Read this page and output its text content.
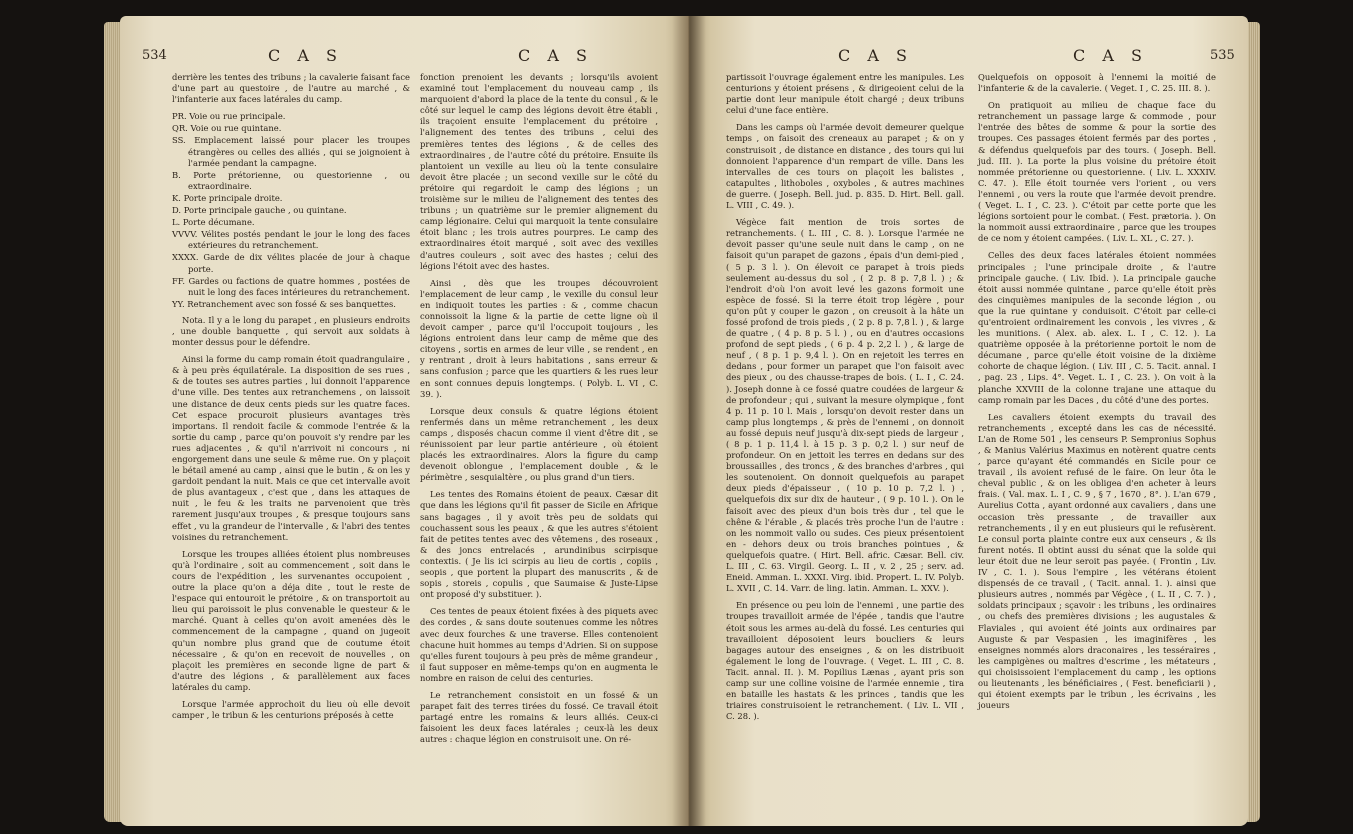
534	C A S	C A S

derrière les tentes des tribuns ; la cavalerie faisant face d'une part au questoire , de l'autre au marché , & l'infanterie aux faces latérales du camp.

PR. Voie ou rue principale.

QR. Voie ou rue quintane.

SS. Emplacement laissé pour placer les troupes étrangères ou celles des alliés , qui se joignoient à l'armée pendant la campagne.

B. Porte prétorienne, ou questorienne , ou extraordinaire.

K. Porte principale droite.

D. Porte principale gauche , ou quintane.

L. Porte décumane.

VVVV. Vélites postés pendant le jour le long des faces extérieures du retranchement.

XXXX. Garde de dix vélites placée de jour à chaque porte.

FF. Gardes ou factions de quatre hommes , postées de nuit le long des faces intérieures du retranchement.

YY. Retranchement avec son fossé & ses banquettes.

Nota. Il y a le long du parapet , en plusieurs endroits , une double banquette , qui servoit aux soldats à monter dessus pour le défendre.

Ainsi la forme du camp romain étoit quadrangulaire , & à peu près équilatérale. La disposition de ses rues , & de toutes ses autres parties , lui donnoit l'apparence d'une ville. Des tentes aux retranchemens , on laissoit une distance de deux cents pieds sur les quatre faces. Cet espace procuroit plusieurs avantages très importans. Il rendoit facile & commode l'entrée & la sortie du camp , parce qu'on pouvoit s'y rendre par les rues adjacentes , & qu'il n'arrivoit ni concours , ni engorgement dans une seule & même rue. On y plaçoit le bétail amené au camp , ainsi que le butin , & on les y gardoit pendant la nuit. Mais ce que cet intervalle avoit de plus avantageux , c'est que , dans les attaques de nuit , le feu & les traits ne parvenoient que très rarement jusqu'aux troupes , & presque toujours sans effet , vu la grandeur de l'intervalle , & l'abri des tentes voisines du retranchement.

Lorsque les troupes alliées étoient plus nombreuses qu'à l'ordinaire , soit au commencement , soit dans le cours de l'expédition , les survenantes occupoient , outre la place qu'on a déja dite , tout le reste de l'espace qui entouroit le prétoire , & on transportoit au lieu qui paroissoit le plus convenable le questeur & le marché. Quant à celles qu'on avoit amenées dès le commencement de la campagne , quand on jugeoit qu'un nombre plus grand que de coutume étoit nécessaire , & qu'on en recevoit de nouvelles , on plaçoit les premières en seconde ligne de part & d'autre des légions , & parallèlement aux faces latérales du camp.

Lorsque l'armée approchoit du lieu où elle devoit camper , le tribun & les centurions préposés à cette

fonction prenoient les devants ; lorsqu'ils avoient examiné tout l'emplacement du nouveau camp , ils marquoient d'abord la place de la tente du consul , & le côté sur lequel le camp des légions devoit être établi , ils traçoient ensuite l'emplacement du prétoire , l'alignement des tentes des tribuns , celui des premières tentes des légions , & de celles des extraordinaires , de l'autre côté du prétoire. Ensuite ils plantoient un vexille au lieu où la tente consulaire devoit être placée ; un second vexille sur le côté du prétoire qui regardoit le camp des légions ; un troisième sur le milieu de l'alignement des tentes des tribuns ; un quatrième sur le premier alignement du camp légionaire. Celui qui marquoit la tente consulaire étoit blanc ; les trois autres pourpres. Le camp des extraordinaires étoit marqué , soit avec des vexilles d'autres couleurs , soit avec des hastes ; celui des légions l'étoit avec des hastes.

Ainsi , dès que les troupes découvroient l'emplacement de leur camp , le vexille du consul leur en indiquoit toutes les parties : & , comme chacun connoissoit la ligne & la partie de cette ligne où il devoit camper , parce qu'il l'occupoit toujours , les légions entroient dans leur camp de même que des citoyens , sortis en armes de leur ville , se rendent , en y rentrant , droit à leurs habitations , sans erreur & sans confusion ; parce que les quartiers & les rues leur en sont connues depuis longtemps. ( Polyb. L. VI , C. 39. ).

Lorsque deux consuls & quatre légions étoient renfermés dans un même retranchement , les deux camps , disposés chacun comme il vient d'être dit , se réunissoient par leur partie antérieure , où étoient placés les extraordinaires. Alors la figure du camp devenoit oblongue , l'emplacement double , & le périmètre , sesquialtère , ou plus grand d'un tiers.

Les tentes des Romains étoient de peaux. Cæsar dit que dans les légions qu'il fit passer de Sicile en Afrique sans bagages , il y avoit très peu de soldats qui couchassent sous les peaux , & que les autres s'étoient fait de petites tentes avec des vêtemens , des roseaux , & des joncs entrelacés , arundinibus scirpisque contextis. ( Je lis ici scirpis au lieu de cortis , copiis , seopis , que portent la plupart des manuscrits , & de sopis , storeis , copulis , que Saumaise & Juste-Lipse ont proposé d'y substituer. ).

Ces tentes de peaux étoient fixées à des piquets avec des cordes , & sans doute soutenues comme les nôtres avec deux fourches & une traverse. Elles contenoient chacune huit hommes au temps d'Adrien. Si on suppose qu'elles furent toujours à peu près de même grandeur , il faut supposer en même-temps qu'on en augmenta le nombre en raison de celui des centuries.

Le retranchement consistoit en un fossé & un parapet fait des terres tirées du fossé. Ce travail étoit partagé entre les romains & leurs alliés. Ceux-ci faisoient les deux faces latérales ; ceux-là les deux autres : chaque légion en construisoit une. On ré-

C A S	C A S	535

partissoit l'ouvrage également entre les manipules. Les centurions y étoient présens , & dirigeoient celui de la partie dont leur manipule étoit chargé ; deux tribuns celui d'une face entière.

Dans les camps où l'armée devoit demeurer quelque temps , on faisoit des creneaux au parapet ; & on y construisoit , de distance en distance , des tours qui lui donnoient l'apparence d'un rempart de ville. Dans les intervalles de ces tours on plaçoit les balistes , catapultes , lithoboles , oxyboles , & autres machines de guerre. ( Joseph. Bell. jud. p. 835. D. Hirt. Bell. gall. L. VIII , C. 49. ).

Végèce fait mention de trois sortes de retranchements. ( L. III , C. 8. ). Lorsque l'armée ne devoit passer qu'une seule nuit dans le camp , on ne faisoit qu'un parapet de gazons , épais d'un demi-pied , ( 5 p. 3 l. ). On élevoit ce parapet à trois pieds seulement au-dessus du sol , ( 2 p. 8 p. 7,8 l. ) ; & l'endroit d'où l'on avoit levé les gazons formoit une espèce de fossé. Si la terre étoit trop légère , pour qu'on pût y couper le gazon , on creusoit à la hâte un fossé profond de trois pieds , ( 2 p. 8 p. 7,8 l. ) , & large de quatre , ( 4 p. 8 p. 5 l. ) , ou en d'autres occasions profond de sept pieds , ( 6 p. 4 p. 2,2 l. ) , & large de neuf , ( 8 p. 1 p. 9,4 l. ). On en rejetoit les terres en dedans , pour former un parapet que l'on faisoit avec des pieux , ou des chausse-trapes de bois. ( L. I , C. 24. ). Joseph donne à ce fossé quatre coudées de largeur & de profondeur ; qui , suivant la mesure olympique , font 4 p. 11 p. 10 l. Mais , lorsqu'on devoit rester dans un camp plus longtemps , & près de l'ennemi , on donnoit au fossé depuis neuf jusqu'à dix-sept pieds de largeur , ( 8 p. 1 p. 11,4 l. à 15 p. 3 p. 0,2 l. ) sur neuf de profondeur. On en jettoit les terres en dedans sur des broussailles , des troncs , & des branches d'arbres , qui les soutenoient. On donnoit quelquefois au parapet deux pieds d'épaisseur , ( 10 p. 10 p. 7,2 l. ) , quelquefois dix sur dix de hauteur , ( 9 p. 10 l. ). On le faisoit avec des pieux d'un bois très dur , tel que le chêne & l'érable , & placés très proche l'un de l'autre : on les nommoit vallo ou sudes. Ces pieux présentoient en - dehors deux ou trois branches pointues , & quelquefois quatre. ( Hirt. Bell. afric. Cæsar. Bell. civ. L. III , C. 63. Virgil. Georg. L. II , v. 2 , 25 ; serv. ad. Eneid. Amman. L. XXXI. Virg. ibid. Propert. L. IV. Polyb. L. XVII , C. 14. Varr. de ling. latin. Amman. L. XXV. ).

En présence ou peu loin de l'ennemi , une partie des troupes travailloit armée de l'épée , tandis que l'autre étoit sous les armes au-delà du fossé. Les centuries qui travailloient déposoient leurs boucliers & leurs bagages autour des enseignes , & on les distribuoit également le long de l'ouvrage. ( Veget. L. III , C. 8. Tacit. annal. II. ). M. Popilius Lænas , ayant pris son camp sur une colline voisine de l'armée ennemie , tira en bataille les hastats & les princes , tandis que les triaires construisoient le retranchement. ( Liv. L. VII , C. 28. ).

Quelquefois on opposoit à l'ennemi la moitié de l'infanterie & de la cavalerie. ( Veget. I , C. 25. III. 8. ).

On pratiquoit au milieu de chaque face du retranchement un passage large & commode , pour l'entrée des bêtes de somme & pour la sortie des troupes. Ces passages étoient fermés par des portes , & défendus quelquefois par des tours. ( Joseph. Bell. jud. III. ). La porte la plus voisine du prétoire étoit nommée prétorienne ou questorienne. ( Liv. L. XXXIV. C. 47. ). Elle étoit tournée vers l'orient , ou vers l'ennemi , ou vers la route que l'armée devoit prendre. ( Veget. L. I , C. 23. ). C'étoit par cette porte que les légions sortoient pour le combat. ( Fest. prætoria. ). On la nommoit aussi extraordinaire , parce que les troupes de ce nom y étoient campées. ( Liv. L. XL , C. 27. ).

Celles des deux faces latérales étoient nommées principales ; l'une principale droite , & l'autre principale gauche. ( Liv. Ibid. ). La principale gauche étoit aussi nommée quintane , parce qu'elle étoit près des cinquièmes manipules de la seconde légion , ou que la rue quintane y conduisoit. C'étoit par celle-ci qu'entroient ordinairement les convois , les vivres , & les munitions. ( Alex. ab. alex. L. I , C. 12. ). La quatrième opposée à la prétorienne portoit le nom de décumane , parce qu'elle étoit voisine de la dixième cohorte de chaque légion. ( Liv. III , C. 5. Tacit. annal. I , pag. 23 , Lips. 4°. Veget. L. I , C. 23. ). On voit à la planche XXVIII de la colonne trajane une attaque du camp romain par les Daces , du côté d'une des portes.

Les cavaliers étoient exempts du travail des retranchements , excepté dans les cas de nécessité. L'an de Rome 501 , les censeurs P. Sempronius Sophus , & Manius Valérius Maximus en notèrent quatre cents , parce qu'ayant été commandés en Sicile pour ce travail , ils avoient refusé de le faire. On leur ôta le cheval public , & on les obligea d'en acheter à leurs frais. ( Val. max. L. I , C. 9 , § 7 , 1670 , 8°. ). L'an 679 , Aurelius Cotta , ayant ordonné aux cavaliers , dans une occasion très pressante , de travailler aux retranchements , il y en eut plusieurs qui le refusèrent. Le consul porta plainte contre eux aux censeurs , & ils furent notés. Il obtint aussi du sénat que la solde qui leur étoit due ne leur seroit pas payée. ( Frontin , Liv. IV , C. 1. ). Sous l'empire , les vétérans étoient dispensés de ce travail , ( Tacit. annal. 1. ). ainsi que plusieurs autres , nommés par Végèce , ( L. II , C. 7. ) , soldats principaux ; sçavoir : les tribuns , les ordinaires , ou chefs des premières divisions ; les augustales & Flaviales , qui avoient été joints aux ordinaires par Auguste & par Vespasien , les imaginifères , les enseignes nommés alors draconaires , les tesséraires , les campigènes ou maîtres d'escrime , les métateurs , qui choisissoient l'emplacement du camp , les options ou lieutenants , les bénéficiaires , ( Fest. beneficiarii ) , qui étoient exempts par le tribun , les écrivains , les joueurs
